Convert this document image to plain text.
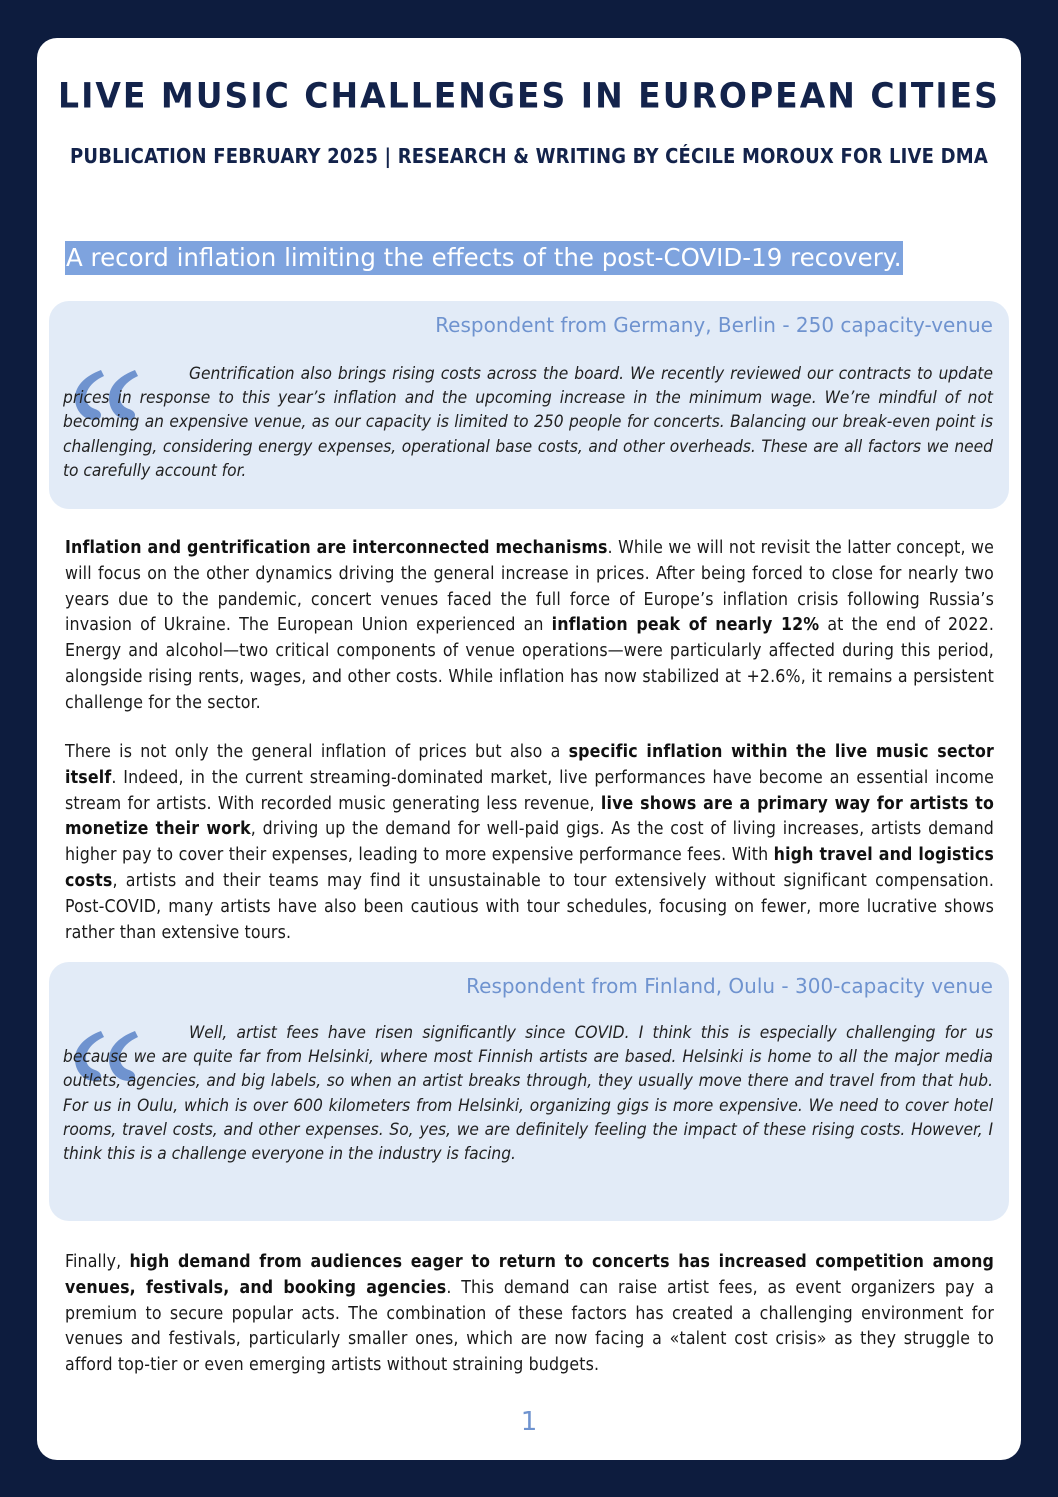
LIVE MUSIC CHALLENGES IN EUROPEAN CITIES
PUBLICATION FEBRUARY 2025 | RESEARCH & WRITING BY CÉCILE MOROUX FOR LIVE DMA
A record inflation limiting the effects of the post-COVID-19 recovery.
Respondent from Germany, Berlin - 250 capacity-venue

Gentrification also brings rising costs across the board. We recently reviewed our contracts to update prices in response to this year’s inflation and the upcoming increase in the minimum wage. We’re mindful of not becoming an expensive venue, as our capacity is limited to 250 people for concerts. Balancing our break-even point is challenging, considering energy expenses, operational base costs, and other overheads. These are all factors we need to carefully account for.

Inflation and gentrification are interconnected mechanisms. While we will not revisit the latter concept, we will focus on the other dynamics driving the general increase in prices. After being forced to close for nearly two years due to the pandemic, concert venues faced the full force of Europe’s inflation crisis following Russia’s invasion of Ukraine. The European Union experienced an inflation peak of nearly 12% at the end of 2022. Energy and alcohol—two critical components of venue operations—were particularly affected during this period, alongside rising rents, wages, and other costs. While inflation has now stabilized at +2.6%, it remains a persistent challenge for the sector.

There is not only the general inflation of prices but also a specific inflation within the live music sector itself. Indeed, in the current streaming-dominated market, live performances have become an essential income stream for artists. With recorded music generating less revenue, live shows are a primary way for artists to monetize their work, driving up the demand for well-paid gigs. As the cost of living increases, artists demand higher pay to cover their expenses, leading to more expensive performance fees. With high travel and logistics costs, artists and their teams may find it unsustainable to tour extensively without significant compensation. Post-COVID, many artists have also been cautious with tour schedules, focusing on fewer, more lucrative shows rather than extensive tours.

Respondent from Finland, Oulu - 300-capacity venue

Well, artist fees have risen significantly since COVID. I think this is especially challenging for us because we are quite far from Helsinki, where most Finnish artists are based. Helsinki is home to all the major media outlets, agencies, and big labels, so when an artist breaks through, they usually move there and travel from that hub. For us in Oulu, which is over 600 kilometers from Helsinki, organizing gigs is more expensive. We need to cover hotel rooms, travel costs, and other expenses. So, yes, we are definitely feeling the impact of these rising costs. However, I think this is a challenge everyone in the industry is facing.

Finally, high demand from audiences eager to return to concerts has increased competition among venues, festivals, and booking agencies. This demand can raise artist fees, as event organizers pay a premium to secure popular acts. The combination of these factors has created a challenging environment for venues and festivals, particularly smaller ones, which are now facing a «talent cost crisis» as they struggle to afford top-tier or even emerging artists without straining budgets.

1
